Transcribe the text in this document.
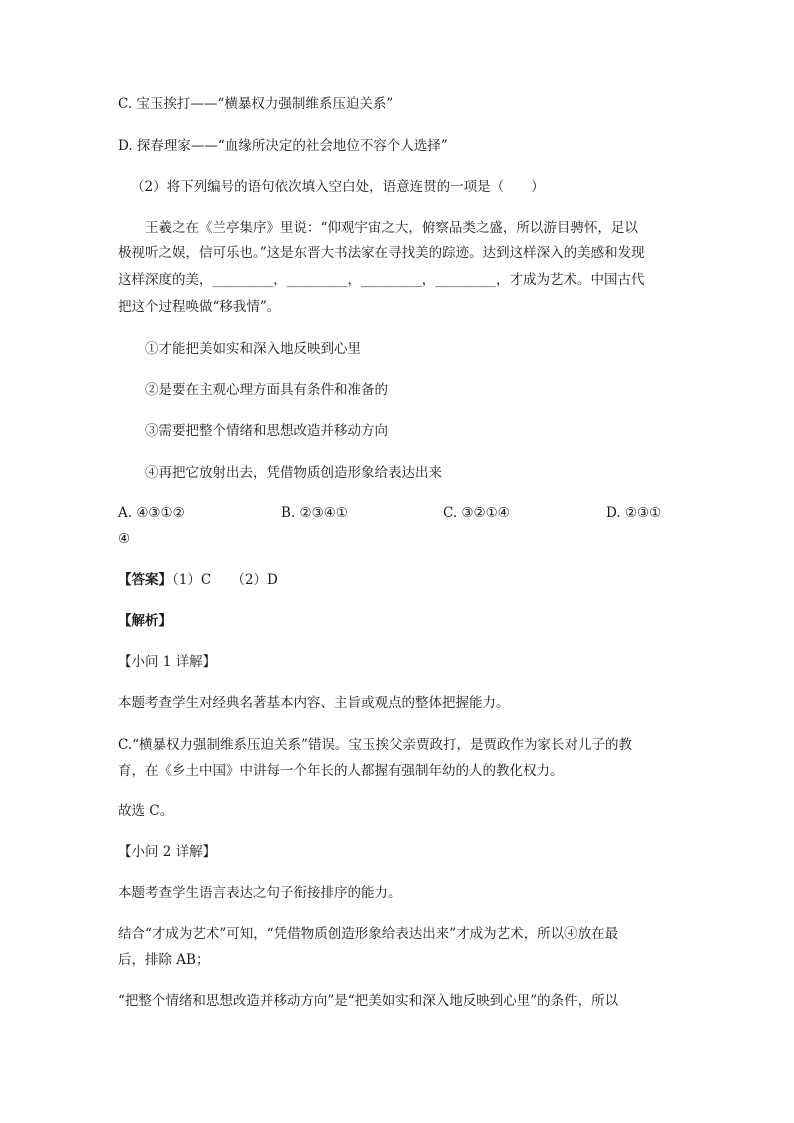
C. 宝玉挨打——“横暴权力强制维系压迫关系”
D. 探春理家——“血缘所决定的社会地位不容个人选择”
（2）将下列编号的语句依次填入空白处，语意连贯的一项是（　　）
王羲之在《兰亭集序》里说：“仰观宇宙之大，俯察品类之盛，所以游目骋怀，足以
极视听之娱，信可乐也。”这是东晋大书法家在寻找美的踪迹。达到这样深入的美感和发现
这样深度的美，_________，_________，_________，_________，才成为艺术。中国古代
把这个过程唤做“移我情”。
①才能把美如实和深入地反映到心里
②是要在主观心理方面具有条件和准备的
③需要把整个情绪和思想改造并移动方向
④再把它放射出去，凭借物质创造形象给表达出来
A. ④③①②	B. ②③④①	C. ③②①④	D. ②③①
④
【答案】（1）C　　（2）D
【解析】
【小问 1 详解】
本题考查学生对经典名著基本内容、主旨或观点的整体把握能力。
C.“横暴权力强制维系压迫关系”错误。宝玉挨父亲贾政打，是贾政作为家长对儿子的教
育，在《乡土中国》中讲每一个年长的人都握有强制年幼的人的教化权力。
故选 C。
【小问 2 详解】
本题考查学生语言表达之句子衔接排序的能力。
结合“才成为艺术”可知，“凭借物质创造形象给表达出来”才成为艺术，所以④放在最
后，排除 AB；
“把整个情绪和思想改造并移动方向”是“把美如实和深入地反映到心里”的条件，所以
